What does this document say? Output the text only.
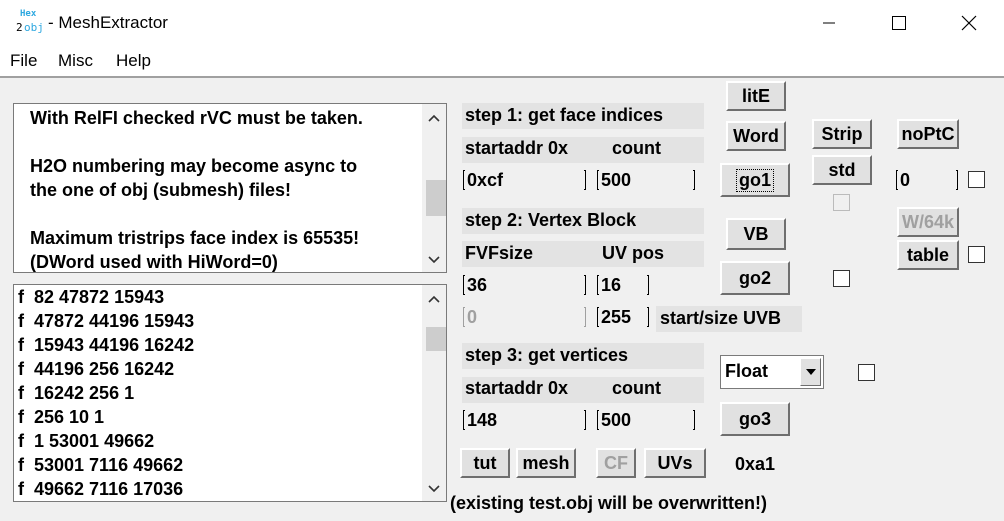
Hex
2 obj - MeshExtractor
File Misc Help
With RelFI checked rVC must be taken.

H2O numbering may become async to
the one of obj (submesh) files!

Maximum tristrips face index is 65535!
(DWord used with HiWord=0)
f  82 47872 15943
f  47872 44196 15943
f  15943 44196 16242
f  44196 256 16242
f  16242 256 1
f  256 10 1
f  1 53001 49662
f  53001 7116 49662
f  49662 7116 17036
step 1: get face indices
startaddr 0x count
0xcf	500
step 2: Vertex Block
FVFsize	UV pos
36	16
0	255 start/size UVB
step 3: get vertices
startaddr 0x count
148	500
litE
Word
go1
VB
go2
Float
go3
0xa1
Strip
std
noPtC
0
W/64k
table
tut mesh CF UVs
(existing test.obj will be overwritten!)
